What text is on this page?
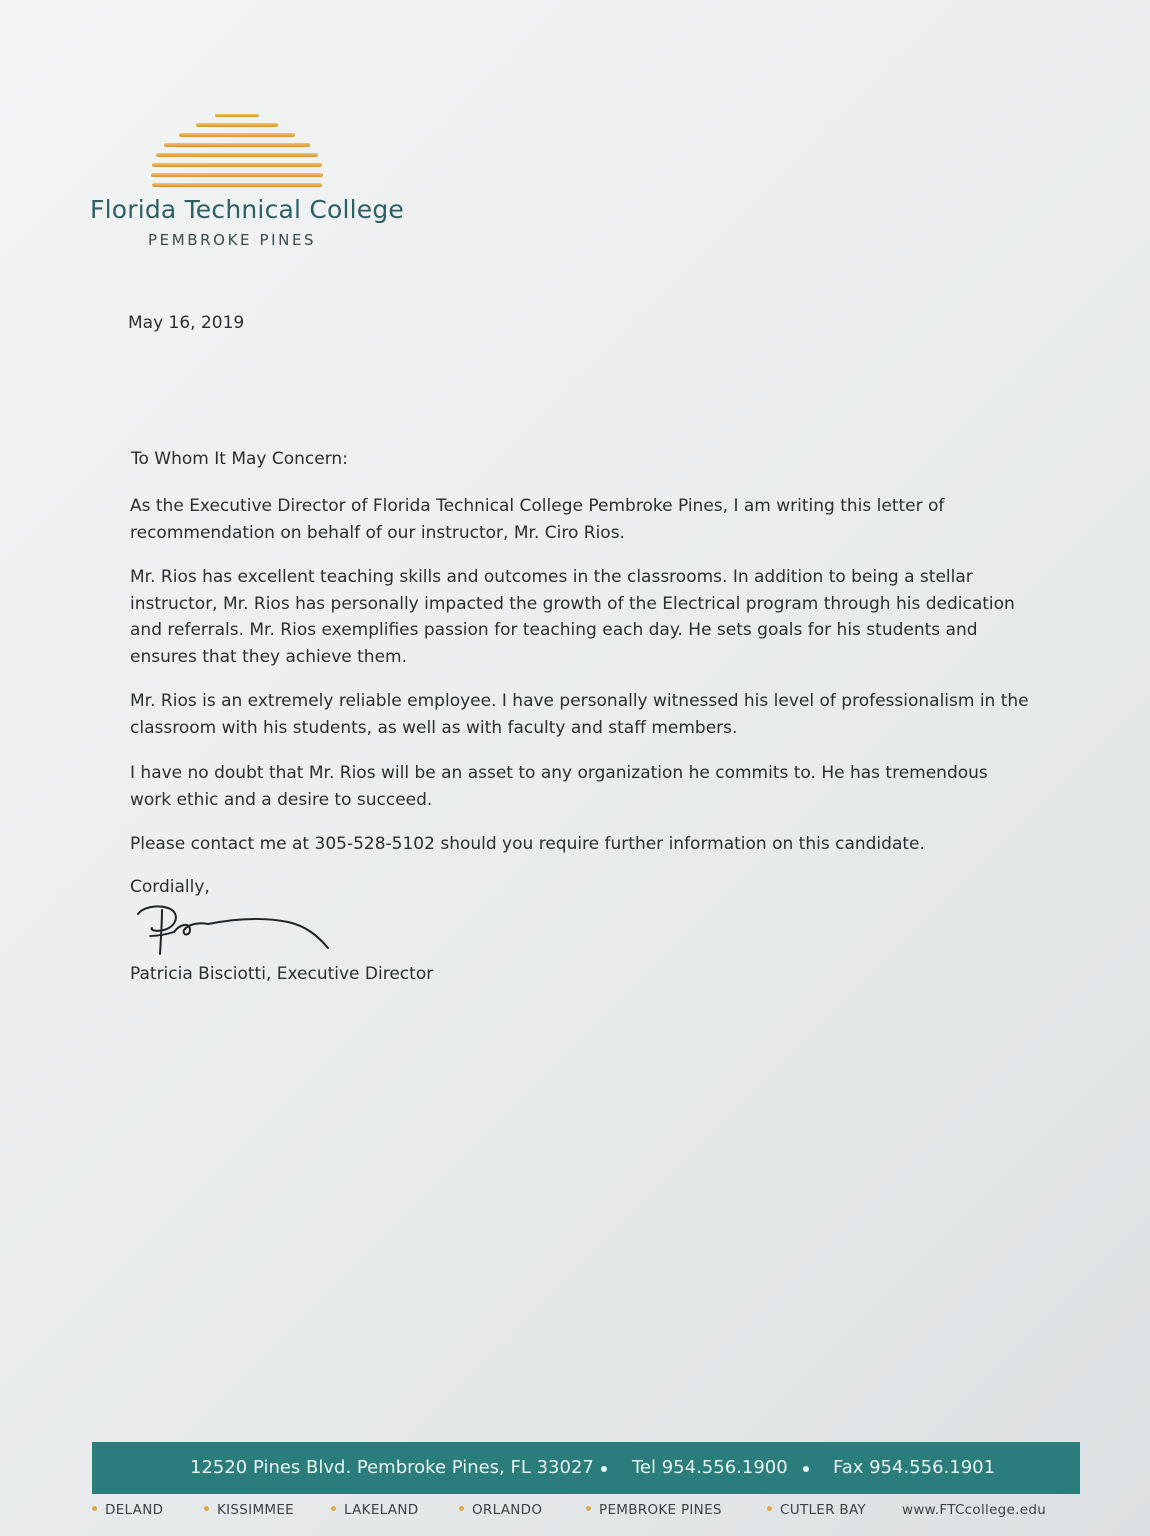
Florida Technical College
PEMBROKE PINES
May 16, 2019
To Whom It May Concern:

As the Executive Director of Florida Technical College Pembroke Pines, I am writing this letter of recommendation on behalf of our instructor, Mr. Ciro Rios.

Mr. Rios has excellent teaching skills and outcomes in the classrooms. In addition to being a stellar instructor, Mr. Rios has personally impacted the growth of the Electrical program through his dedication and referrals. Mr. Rios exemplifies passion for teaching each day. He sets goals for his students and ensures that they achieve them.

Mr. Rios is an extremely reliable employee. I have personally witnessed his level of professionalism in the classroom with his students, as well as with faculty and staff members.

I have no doubt that Mr. Rios will be an asset to any organization he commits to. He has tremendous work ethic and a desire to succeed.

Please contact me at 305-528-5102 should you require further information on this candidate.

Cordially,
Patricia Bisciotti, Executive Director
12520 Pines Blvd. Pembroke Pines, FL 33027 Tel 954.556.1900	Fax 954.556.1901
DELAND	KISSIMMEE	LAKELAND	ORLANDO	PEMBROKE PINES	CUTLER BAY	www.FTCcollege.edu
